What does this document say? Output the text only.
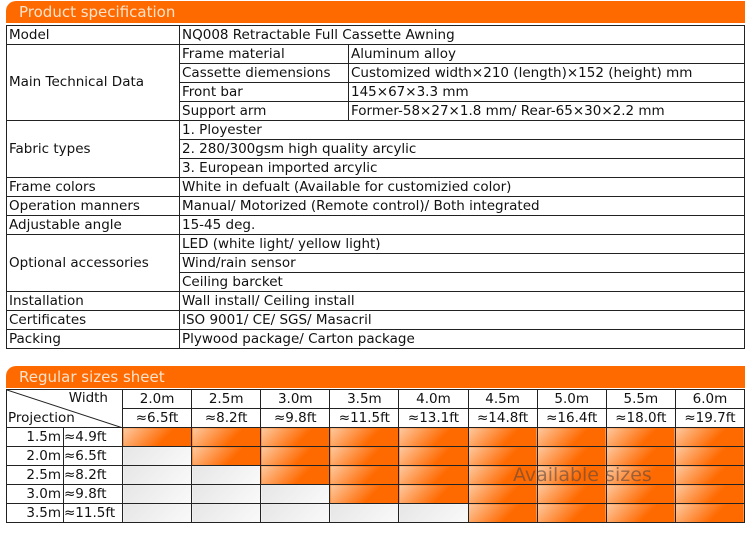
Product specification
Model	NQ008 Retractable Full Cassette Awning	
Main Technical Data	Frame material	Aluminum alloy
	Cassette diemensions	Customized width×210 (length)×152 (height) mm
	Front bar	145×67×3.3 mm
	Support arm	Former-58×27×1.8 mm/ Rear-65×30×2.2 mm
Fabric types	1. Ployester	
	2. 280/300gsm high quality arcylic	
	3. European imported arcylic	
Frame colors	White in defualt (Available for customizied color)	
Operation manners	Manual/ Motorized (Remote control)/ Both integrated	
Adjustable angle	15-45 deg.	
Optional accessories	LED (white light/ yellow light)	
	Wind/rain sensor	
	Ceiling barcket	
Installation	Wall install/ Ceiling install	
Certificates	ISO 9001/ CE/ SGS/ Masacril	
Packing	Plywood package/ Carton package	
Regular sizes sheet
Width
Projection		2.0m	2.5m	3.0m	3.5m	4.0m	4.5m	5.0m	5.5m	6.0m
		≈6.5ft	≈8.2ft	≈9.8ft	≈11.5ft	≈13.1ft	≈14.8ft	≈16.4ft	≈18.0ft	≈19.7ft
1.5m	≈4.9ft									
2.0m	≈6.5ft									
2.5m	≈8.2ft									
3.0m	≈9.8ft									
3.5m	≈11.5ft									
Available sizes
